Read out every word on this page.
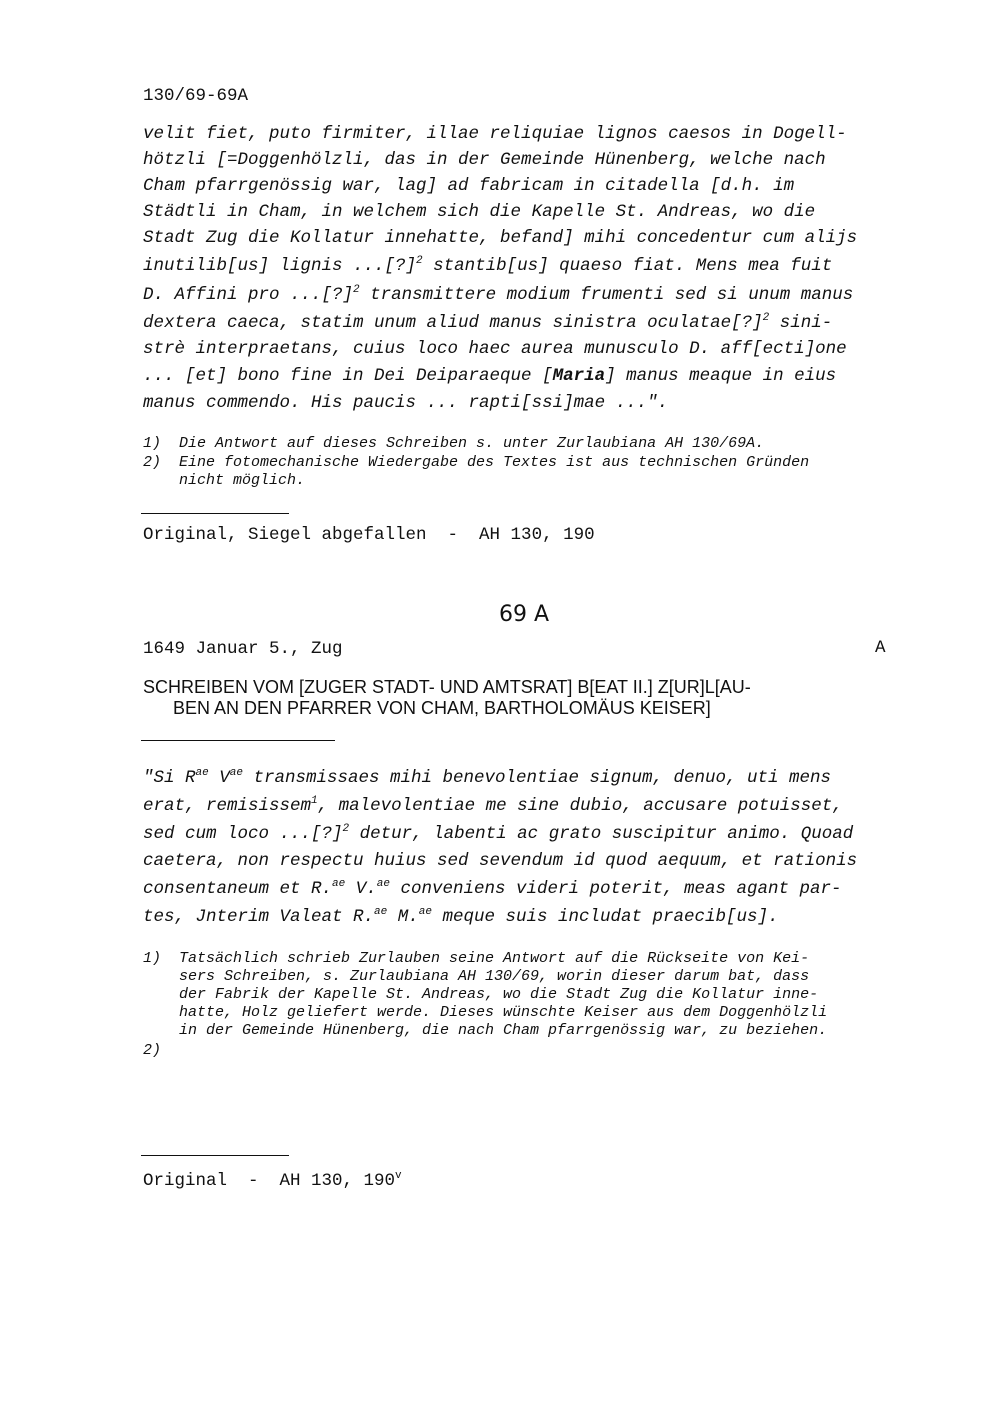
130/69-69A
velit fiet, puto firmiter, illae reliquiae lignos caesos in Dogell-
hötzli [=Doggenhölzli, das in der Gemeinde Hünenberg, welche nach
Cham pfarrgenössig war, lag] ad fabricam in citadella [d.h. im
Städtli in Cham, in welchem sich die Kapelle St. Andreas, wo die
Stadt Zug die Kollatur innehatte, befand] mihi concedentur cum alijs
inutilib[us] lignis ...[?]$^2$ stantib[us] quaeso fiat. Mens mea fuit
D. Affini pro ...[?]$^2$ transmittere modium frumenti sed si unum manus
dextera caeca, statim unum aliud manus sinistra oculatae[?]$^2$ sini-
strè interpraetans, cuius loco haec aurea munusculo D. aff[ecti]one
... [et] bono fine in Dei Deiparaeque [Maria] manus meaque in eius
manus commendo. His paucis ... rapti[ssi]mae ...".
1) Die Antwort auf dieses Schreiben s. unter Zurlaubiana AH 130/69A.
2) Eine fotomechanische Wiedergabe des Textes ist aus technischen Gründen
nicht möglich.
Original, Siegel abgefallen  -  AH 130, 190
69 A
1649 Januar 5., Zug	A
SCHREIBEN VOM [ZUGER STADT- UND AMTSRAT] B[EAT II.] Z[UR]L[AU-
BEN AN DEN PFARRER VON CHAM, BARTHOLOMÄUS KEISER]
"Si $R^{ae}$ $V^{ae}$ transmissaes mihi benevolentiae signum, denuo, uti mens
erat, remisissem$^1$, malevolentiae me sine dubio, accusare potuisset,
sed cum loco ...[?]$^2$ detur, labenti ac grato suscipitur animo. Quoad
caetera, non respectu huius sed sevendum id quod aequum, et rationis
consentaneum et R.$^{ae}$ V.$^{ae}$ conveniens videri poterit, meas agant par-
tes, Jnterim Valeat R.$^{ae}$ M.$^{ae}$ meque suis includat praecib[us].
1) Tatsächlich schrieb Zurlauben seine Antwort auf die Rückseite von Kei-
sers Schreiben, s. Zurlaubiana AH 130/69, worin dieser darum bat, dass
der Fabrik der Kapelle St. Andreas, wo die Stadt Zug die Kollatur inne-
hatte, Holz geliefert werde. Dieses wünschte Keiser aus dem Doggenhölzli
in der Gemeinde Hünenberg, die nach Cham pfarrgenössig war, zu beziehen.
2)
Original  -  AH 130, 190$^v$
